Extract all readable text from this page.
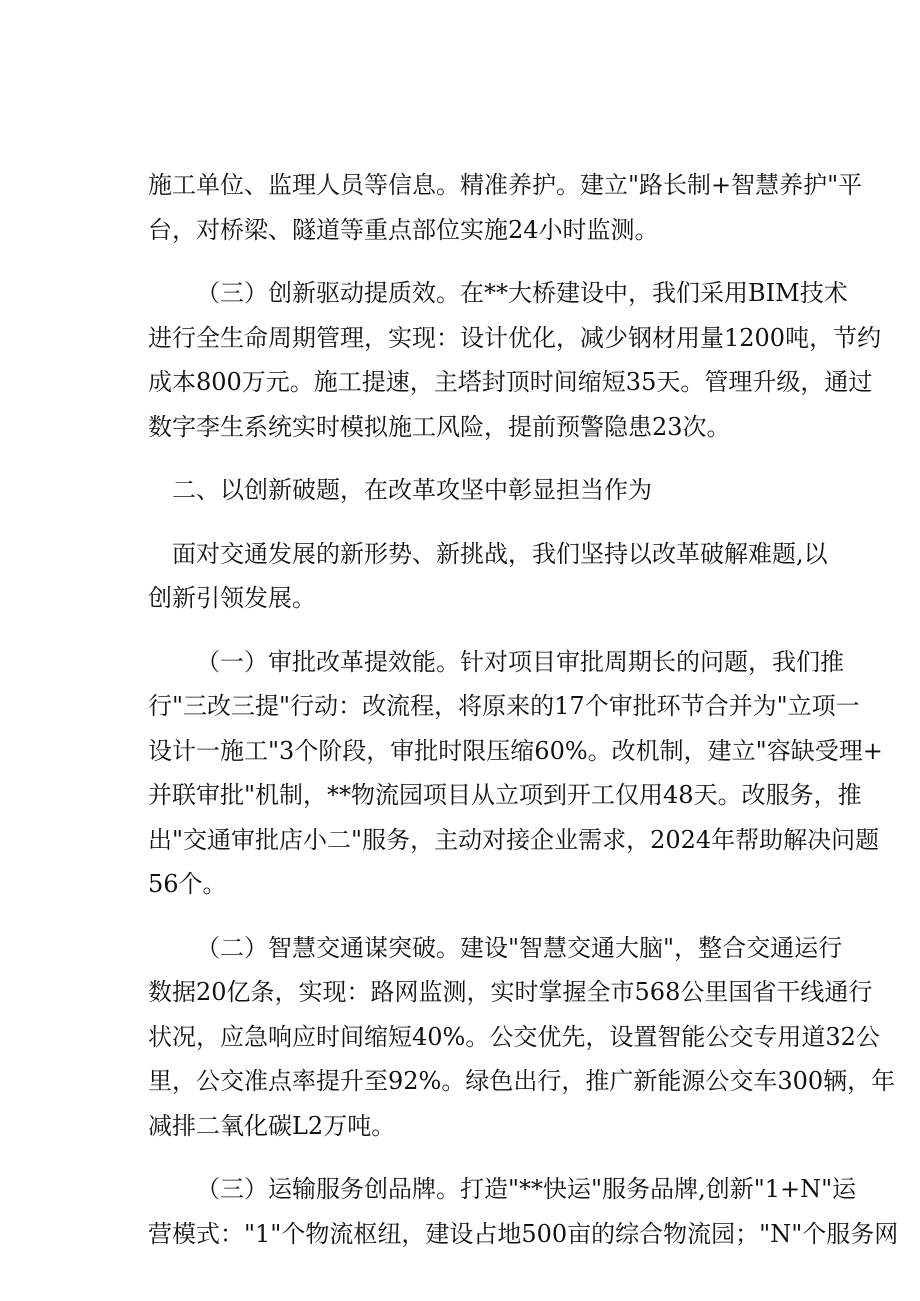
施工单位、监理人员等信息。精准养护。建立"路长制+智慧养护"平
台，对桥梁、隧道等重点部位实施24小时监测。
（三）创新驱动提质效。在**大桥建设中，我们采用BIM技术
进行全生命周期管理，实现：设计优化，减少钢材用量1200吨，节约
成本800万元。施工提速，主塔封顶时间缩短35天。管理升级，通过
数字李生系统实时模拟施工风险，提前预警隐患23次。
二、以创新破题，在改革攻坚中彰显担当作为
面对交通发展的新形势、新挑战，我们坚持以改革破解难题,以
创新引领发展。
（一）审批改革提效能。针对项目审批周期长的问题，我们推
行"三改三提"行动：改流程，将原来的17个审批环节合并为"立项一
设计一施工"3个阶段，审批时限压缩60%。改机制，建立"容缺受理+
并联审批"机制，**物流园项目从立项到开工仅用48天。改服务，推
出"交通审批店小二"服务，主动对接企业需求，2024年帮助解决问题
56个。
（二）智慧交通谋突破。建设"智慧交通大脑"，整合交通运行
数据20亿条，实现：路网监测，实时掌握全市568公里国省干线通行
状况，应急响应时间缩短40%。公交优先，设置智能公交专用道32公
里，公交准点率提升至92%。绿色出行，推广新能源公交车300辆，年
减排二氧化碳L2万吨。
（三）运输服务创品牌。打造"**快运"服务品牌,创新"1+N"运
营模式："1"个物流枢纽，建设占地500亩的综合物流园；"N"个服务网
